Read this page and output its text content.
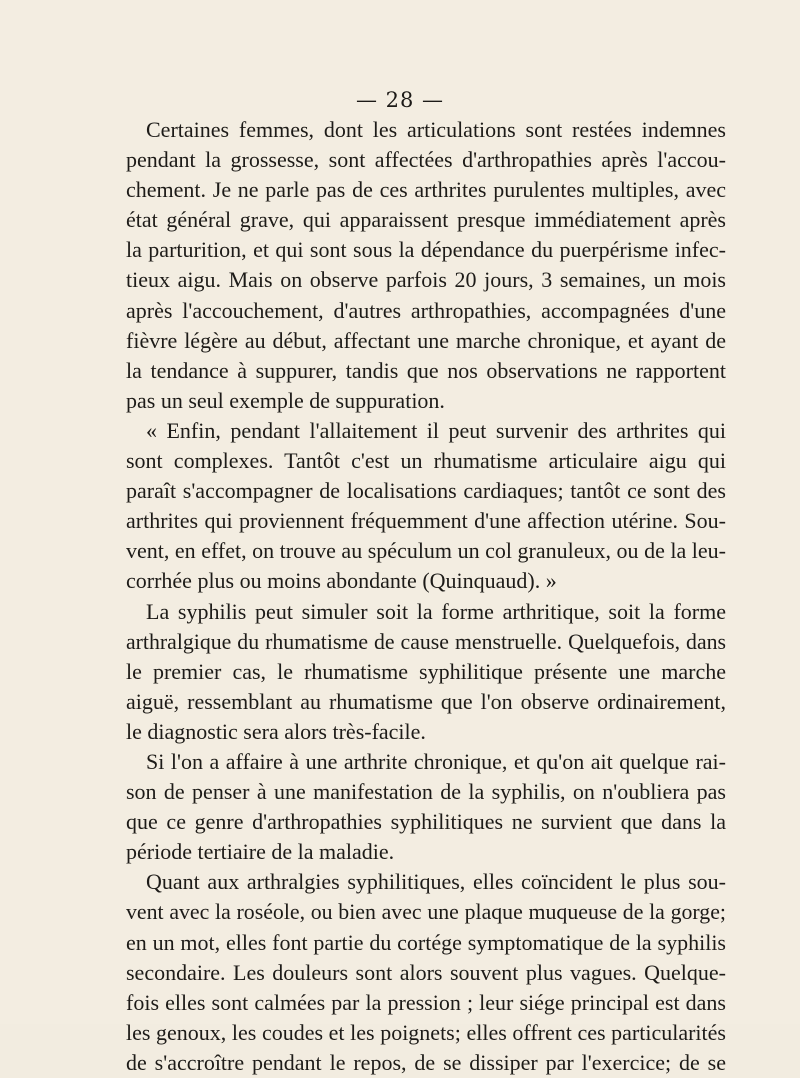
— 28 —
Certaines femmes, dont les articulations sont restées indemnes
pendant la grossesse, sont affectées d'arthropathies après l'accou-
chement. Je ne parle pas de ces arthrites purulentes multiples, avec
état général grave, qui apparaissent presque immédiatement après
la parturition, et qui sont sous la dépendance du puerpérisme infec-
tieux aigu. Mais on observe parfois 20 jours, 3 semaines, un mois
après l'accouchement, d'autres arthropathies, accompagnées d'une
fièvre légère au début, affectant une marche chronique, et ayant de
la tendance à suppurer, tandis que nos observations ne rapportent
pas un seul exemple de suppuration.
« Enfin, pendant l'allaitement il peut survenir des arthrites qui
sont complexes. Tantôt c'est un rhumatisme articulaire aigu qui
paraît s'accompagner de localisations cardiaques; tantôt ce sont des
arthrites qui proviennent fréquemment d'une affection utérine. Sou-
vent, en effet, on trouve au spéculum un col granuleux, ou de la leu-
corrhée plus ou moins abondante (Quinquaud). »
La syphilis peut simuler soit la forme arthritique, soit la forme
arthralgique du rhumatisme de cause menstruelle. Quelquefois, dans
le premier cas, le rhumatisme syphilitique présente une marche
aiguë, ressemblant au rhumatisme que l'on observe ordinairement,
le diagnostic sera alors très-facile.
Si l'on a affaire à une arthrite chronique, et qu'on ait quelque rai-
son de penser à une manifestation de la syphilis, on n'oubliera pas
que ce genre d'arthropathies syphilitiques ne survient que dans la
période tertiaire de la maladie.
Quant aux arthralgies syphilitiques, elles coïncident le plus sou-
vent avec la roséole, ou bien avec une plaque muqueuse de la gorge;
en un mot, elles font partie du cortége symptomatique de la syphilis
secondaire. Les douleurs sont alors souvent plus vagues. Quelque-
fois elles sont calmées par la pression ; leur siége principal est dans
les genoux, les coudes et les poignets; elles offrent ces particularités
de s'accroître pendant le repos, de se dissiper par l'exercice; de se
